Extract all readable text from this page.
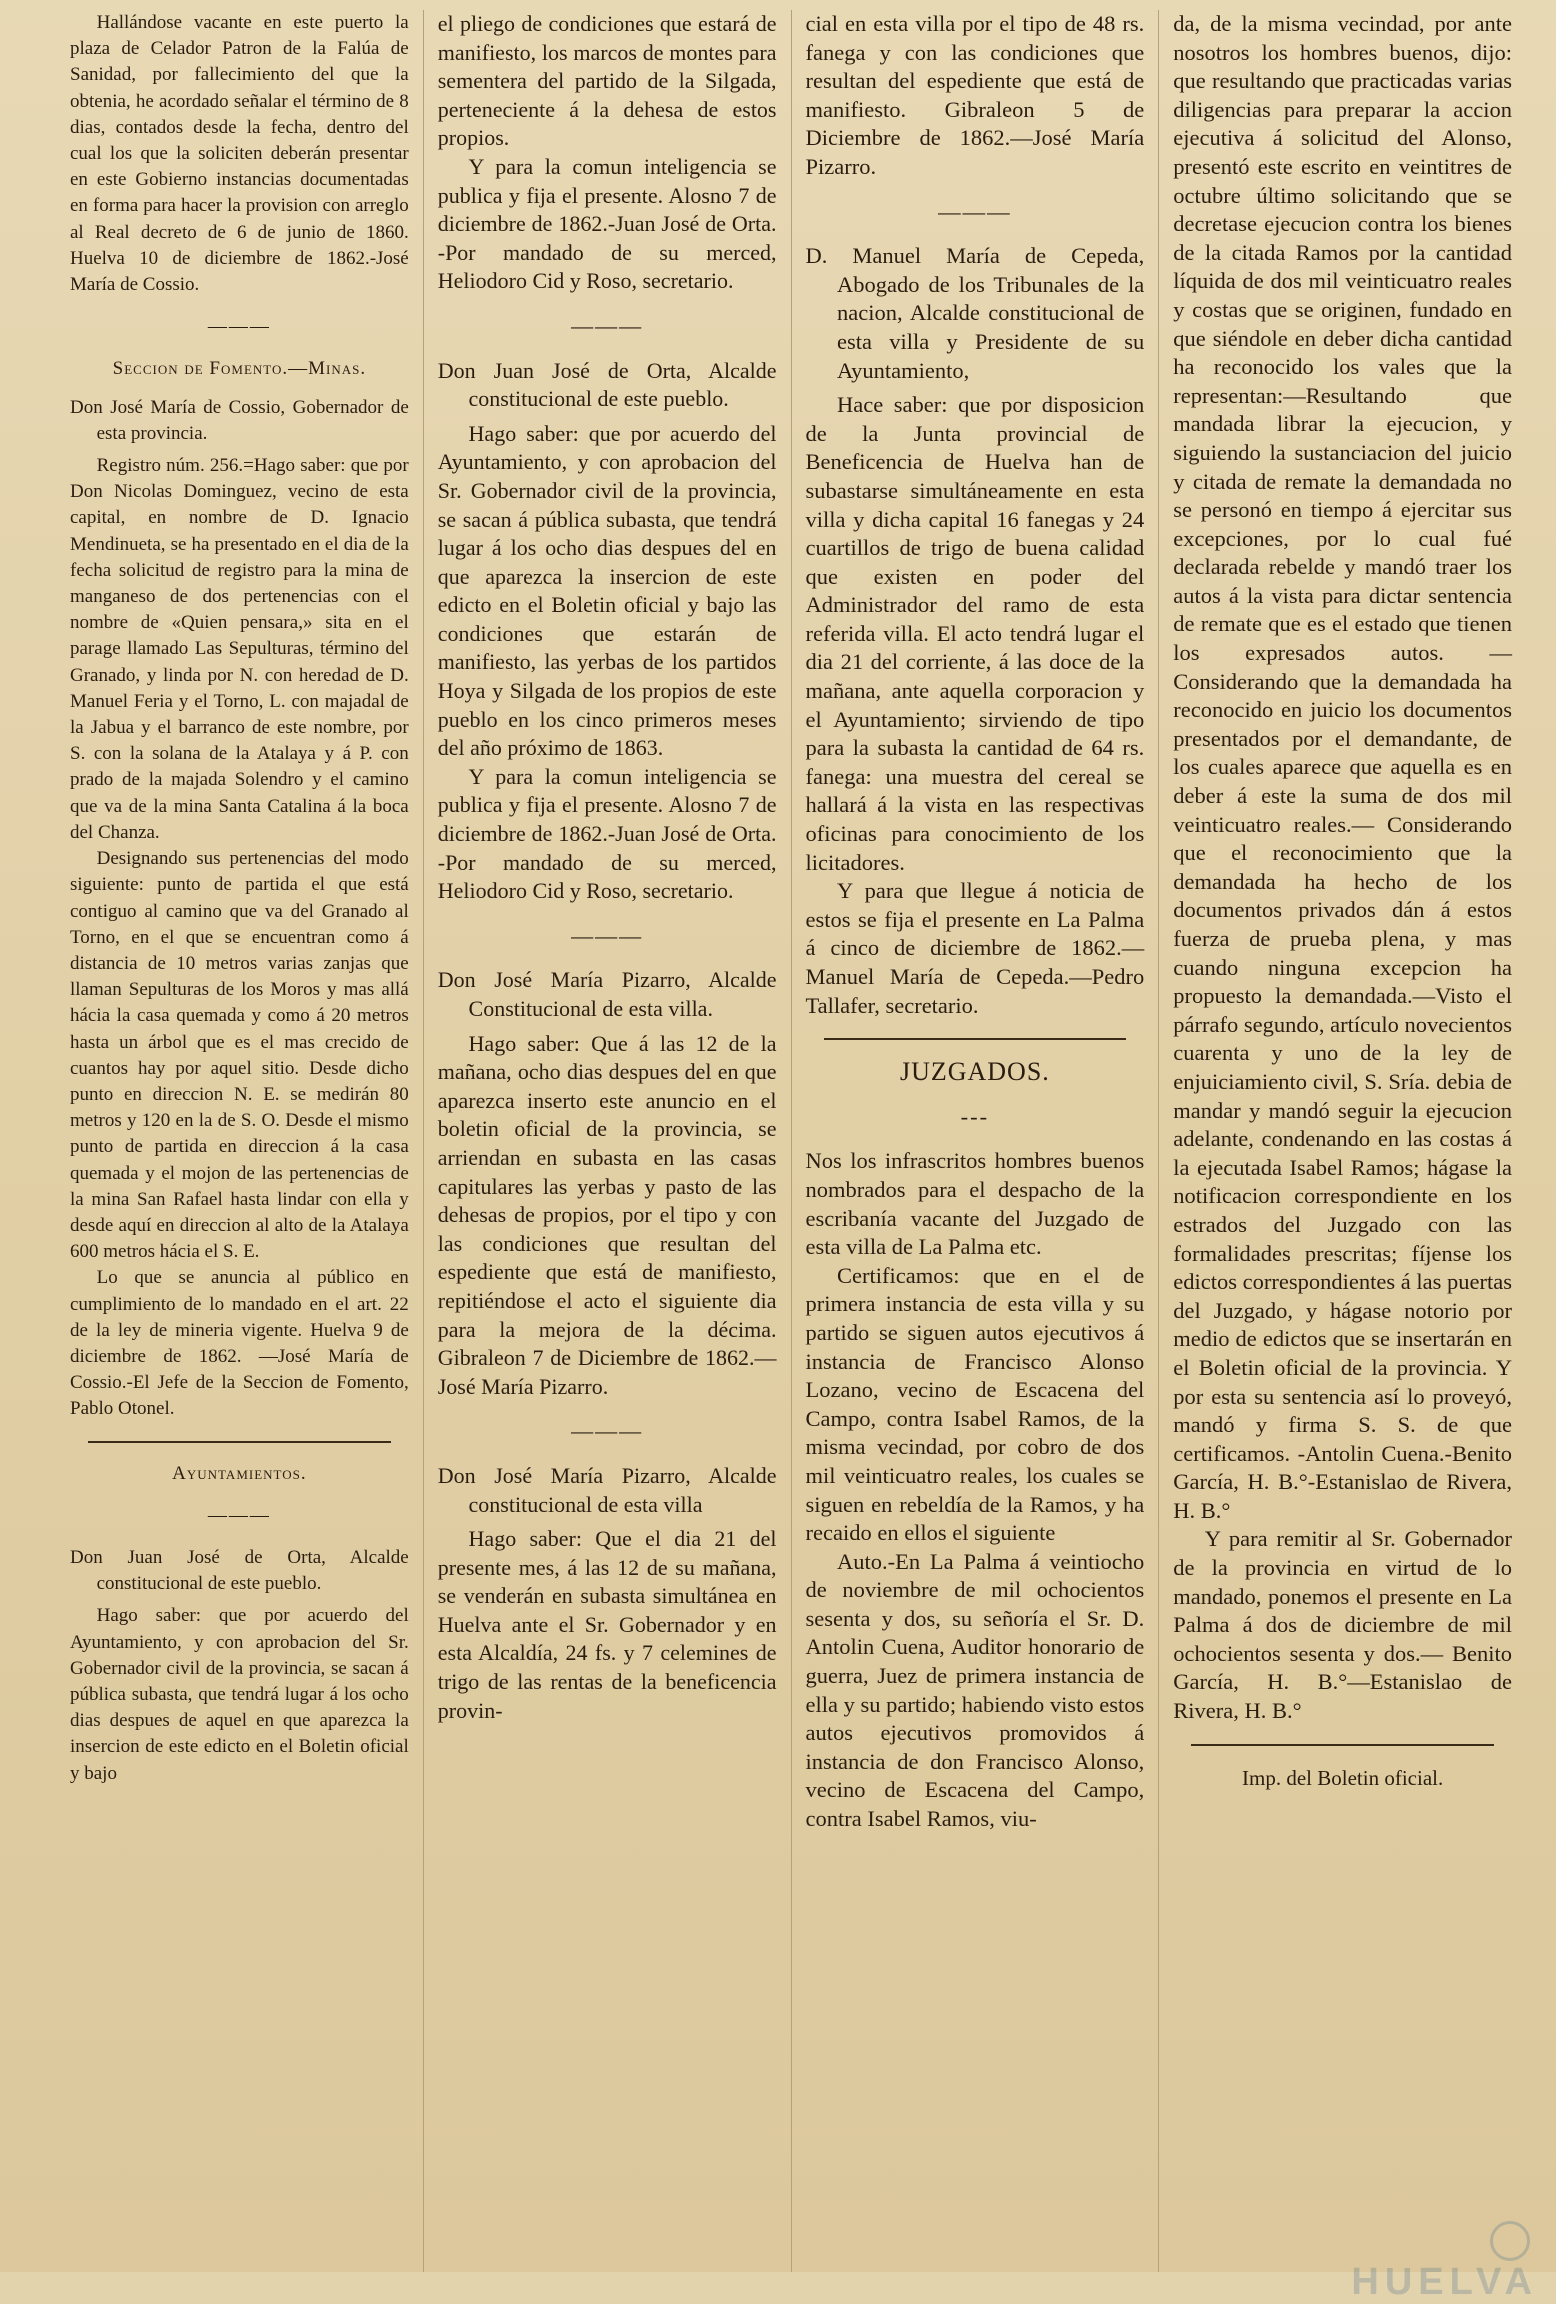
Hallándose vacante en este puerto la plaza de Celador Patron de la Falúa de Sanidad, por fallecimiento del que la obtenia, he acordado señalar el término de 8 dias, contados desde la fecha, dentro del cual los que la soliciten deberán presentar en este Gobierno instancias documentadas en forma para hacer la provision con arreglo al Real decreto de 6 de junio de 1860. Huelva 10 de diciembre de 1862.-José María de Cossio.

———
Seccion de Fomento.—Minas.

Don José María de Cossio, Gobernador de esta provincia.

Registro núm. 256.=Hago saber: que por Don Nicolas Dominguez, vecino de esta capital, en nombre de D. Ignacio Mendinueta, se ha presentado en el dia de la fecha solicitud de registro para la mina de manganeso de dos pertenencias con el nombre de «Quien pensara,» sita en el parage llamado Las Sepulturas, término del Granado, y linda por N. con heredad de D. Manuel Feria y el Torno, L. con majadal de la Jabua y el barranco de este nombre, por S. con la solana de la Atalaya y á P. con prado de la majada Solendro y el camino que va de la mina Santa Catalina á la boca del Chanza.

Designando sus pertenencias del modo siguiente: punto de partida el que está contiguo al camino que va del Granado al Torno, en el que se encuentran como á distancia de 10 metros varias zanjas que llaman Sepulturas de los Moros y mas allá hácia la casa quemada y como á 20 metros hasta un árbol que es el mas crecido de cuantos hay por aquel sitio. Desde dicho punto en direccion N. E. se medirán 80 metros y 120 en la de S. O. Desde el mismo punto de partida en direccion á la casa quemada y el mojon de las pertenencias de la mina San Rafael hasta lindar con ella y desde aquí en direccion al alto de la Atalaya 600 metros hácia el S. E.

Lo que se anuncia al público en cumplimiento de lo mandado en el art. 22 de la ley de mineria vigente. Huelva 9 de diciembre de 1862. —José María de Cossio.-El Jefe de la Seccion de Fomento, Pablo Otonel.

Ayuntamientos.
———

Don Juan José de Orta, Alcalde constitucional de este pueblo.

Hago saber: que por acuerdo del Ayuntamiento, y con aprobacion del Sr. Gobernador civil de la provincia, se sacan á pública subasta, que tendrá lugar á los ocho dias despues de aquel en que aparezca la insercion de este edicto en el Boletin oficial y bajo

el pliego de condiciones que estará de manifiesto, los marcos de montes para sementera del partido de la Silgada, perteneciente á la dehesa de estos propios.

Y para la comun inteligencia se publica y fija el presente. Alosno 7 de diciembre de 1862.-Juan José de Orta. -Por mandado de su merced, Heliodoro Cid y Roso, secretario.

———

Don Juan José de Orta, Alcalde constitucional de este pueblo.

Hago saber: que por acuerdo del Ayuntamiento, y con aprobacion del Sr. Gobernador civil de la provincia, se sacan á pública subasta, que tendrá lugar á los ocho dias despues del en que aparezca la insercion de este edicto en el Boletin oficial y bajo las condiciones que estarán de manifiesto, las yerbas de los partidos Hoya y Silgada de los propios de este pueblo en los cinco primeros meses del año próximo de 1863.

Y para la comun inteligencia se publica y fija el presente. Alosno 7 de diciembre de 1862.-Juan José de Orta. -Por mandado de su merced, Heliodoro Cid y Roso, secretario.

———

Don José María Pizarro, Alcalde Constitucional de esta villa.

Hago saber: Que á las 12 de la mañana, ocho dias despues del en que aparezca inserto este anuncio en el boletin oficial de la provincia, se arriendan en subasta en las casas capitulares las yerbas y pasto de las dehesas de propios, por el tipo y con las condiciones que resultan del espediente que está de manifiesto, repitiéndose el acto el siguiente dia para la mejora de la décima. Gibraleon 7 de Diciembre de 1862.—José María Pizarro.

———

Don José María Pizarro, Alcalde constitucional de esta villa

Hago saber: Que el dia 21 del presente mes, á las 12 de su mañana, se venderán en subasta simultánea en Huelva ante el Sr. Gobernador y en esta Alcaldía, 24 fs. y 7 celemines de trigo de las rentas de la beneficencia provin-

cial en esta villa por el tipo de 48 rs. fanega y con las condiciones que resultan del espediente que está de manifiesto. Gibraleon 5 de Diciembre de 1862.—José María Pizarro.

———

D. Manuel María de Cepeda, Abogado de los Tribunales de la nacion, Alcalde constitucional de esta villa y Presidente de su Ayuntamiento,

Hace saber: que por disposicion de la Junta provincial de Beneficencia de Huelva han de subastarse simultáneamente en esta villa y dicha capital 16 fanegas y 24 cuartillos de trigo de buena calidad que existen en poder del Administrador del ramo de esta referida villa. El acto tendrá lugar el dia 21 del corriente, á las doce de la mañana, ante aquella corporacion y el Ayuntamiento; sirviendo de tipo para la subasta la cantidad de 64 rs. fanega: una muestra del cereal se hallará á la vista en las respectivas oficinas para conocimiento de los licitadores.

Y para que llegue á noticia de estos se fija el presente en La Palma á cinco de diciembre de 1862.—Manuel María de Cepeda.—Pedro Tallafer, secretario.

JUZGADOS.
---

Nos los infrascritos hombres buenos nombrados para el despacho de la escribanía vacante del Juzgado de esta villa de La Palma etc.

Certificamos: que en el de primera instancia de esta villa y su partido se siguen autos ejecutivos á instancia de Francisco Alonso Lozano, vecino de Escacena del Campo, contra Isabel Ramos, de la misma vecindad, por cobro de dos mil veinticuatro reales, los cuales se siguen en rebeldía de la Ramos, y ha recaido en ellos el siguiente

Auto.-En La Palma á veintiocho de noviembre de mil ochocientos sesenta y dos, su señoría el Sr. D. Antolin Cuena, Auditor honorario de guerra, Juez de primera instancia de ella y su partido; habiendo visto estos autos ejecutivos promovidos á instancia de don Francisco Alonso, vecino de Escacena del Campo, contra Isabel Ramos, viu-

da, de la misma vecindad, por ante nosotros los hombres buenos, dijo: que resultando que practicadas varias diligencias para preparar la accion ejecutiva á solicitud del Alonso, presentó este escrito en veintitres de octubre último solicitando que se decretase ejecucion contra los bienes de la citada Ramos por la cantidad líquida de dos mil veinticuatro reales y costas que se originen, fundado en que siéndole en deber dicha cantidad ha reconocido los vales que la representan:—Resultando que mandada librar la ejecucion, y siguiendo la sustanciacion del juicio y citada de remate la demandada no se personó en tiempo á ejercitar sus excepciones, por lo cual fué declarada rebelde y mandó traer los autos á la vista para dictar sentencia de remate que es el estado que tienen los expresados autos. —Considerando que la demandada ha reconocido en juicio los documentos presentados por el demandante, de los cuales aparece que aquella es en deber á este la suma de dos mil veinticuatro reales.— Considerando que el reconocimiento que la demandada ha hecho de los documentos privados dán á estos fuerza de prueba plena, y mas cuando ninguna excepcion ha propuesto la demandada.—Visto el párrafo segundo, artículo novecientos cuarenta y uno de la ley de enjuiciamiento civil, S. Sría. debia de mandar y mandó seguir la ejecucion adelante, condenando en las costas á la ejecutada Isabel Ramos; hágase la notificacion correspondiente en los estrados del Juzgado con las formalidades prescritas; fíjense los edictos correspondientes á las puertas del Juzgado, y hágase notorio por medio de edictos que se insertarán en el Boletin oficial de la provincia. Y por esta su sentencia así lo proveyó, mandó y firma S. S. de que certificamos. -Antolin Cuena.-Benito García, H. B.°-Estanislao de Rivera, H. B.°

Y para remitir al Sr. Gobernador de la provincia en virtud de lo mandado, ponemos el presente en La Palma á dos de diciembre de mil ochocientos sesenta y dos.— Benito García, H. B.°—Estanislao de Rivera, H. B.°

Imp. del Boletin oficial.
HUELVA
